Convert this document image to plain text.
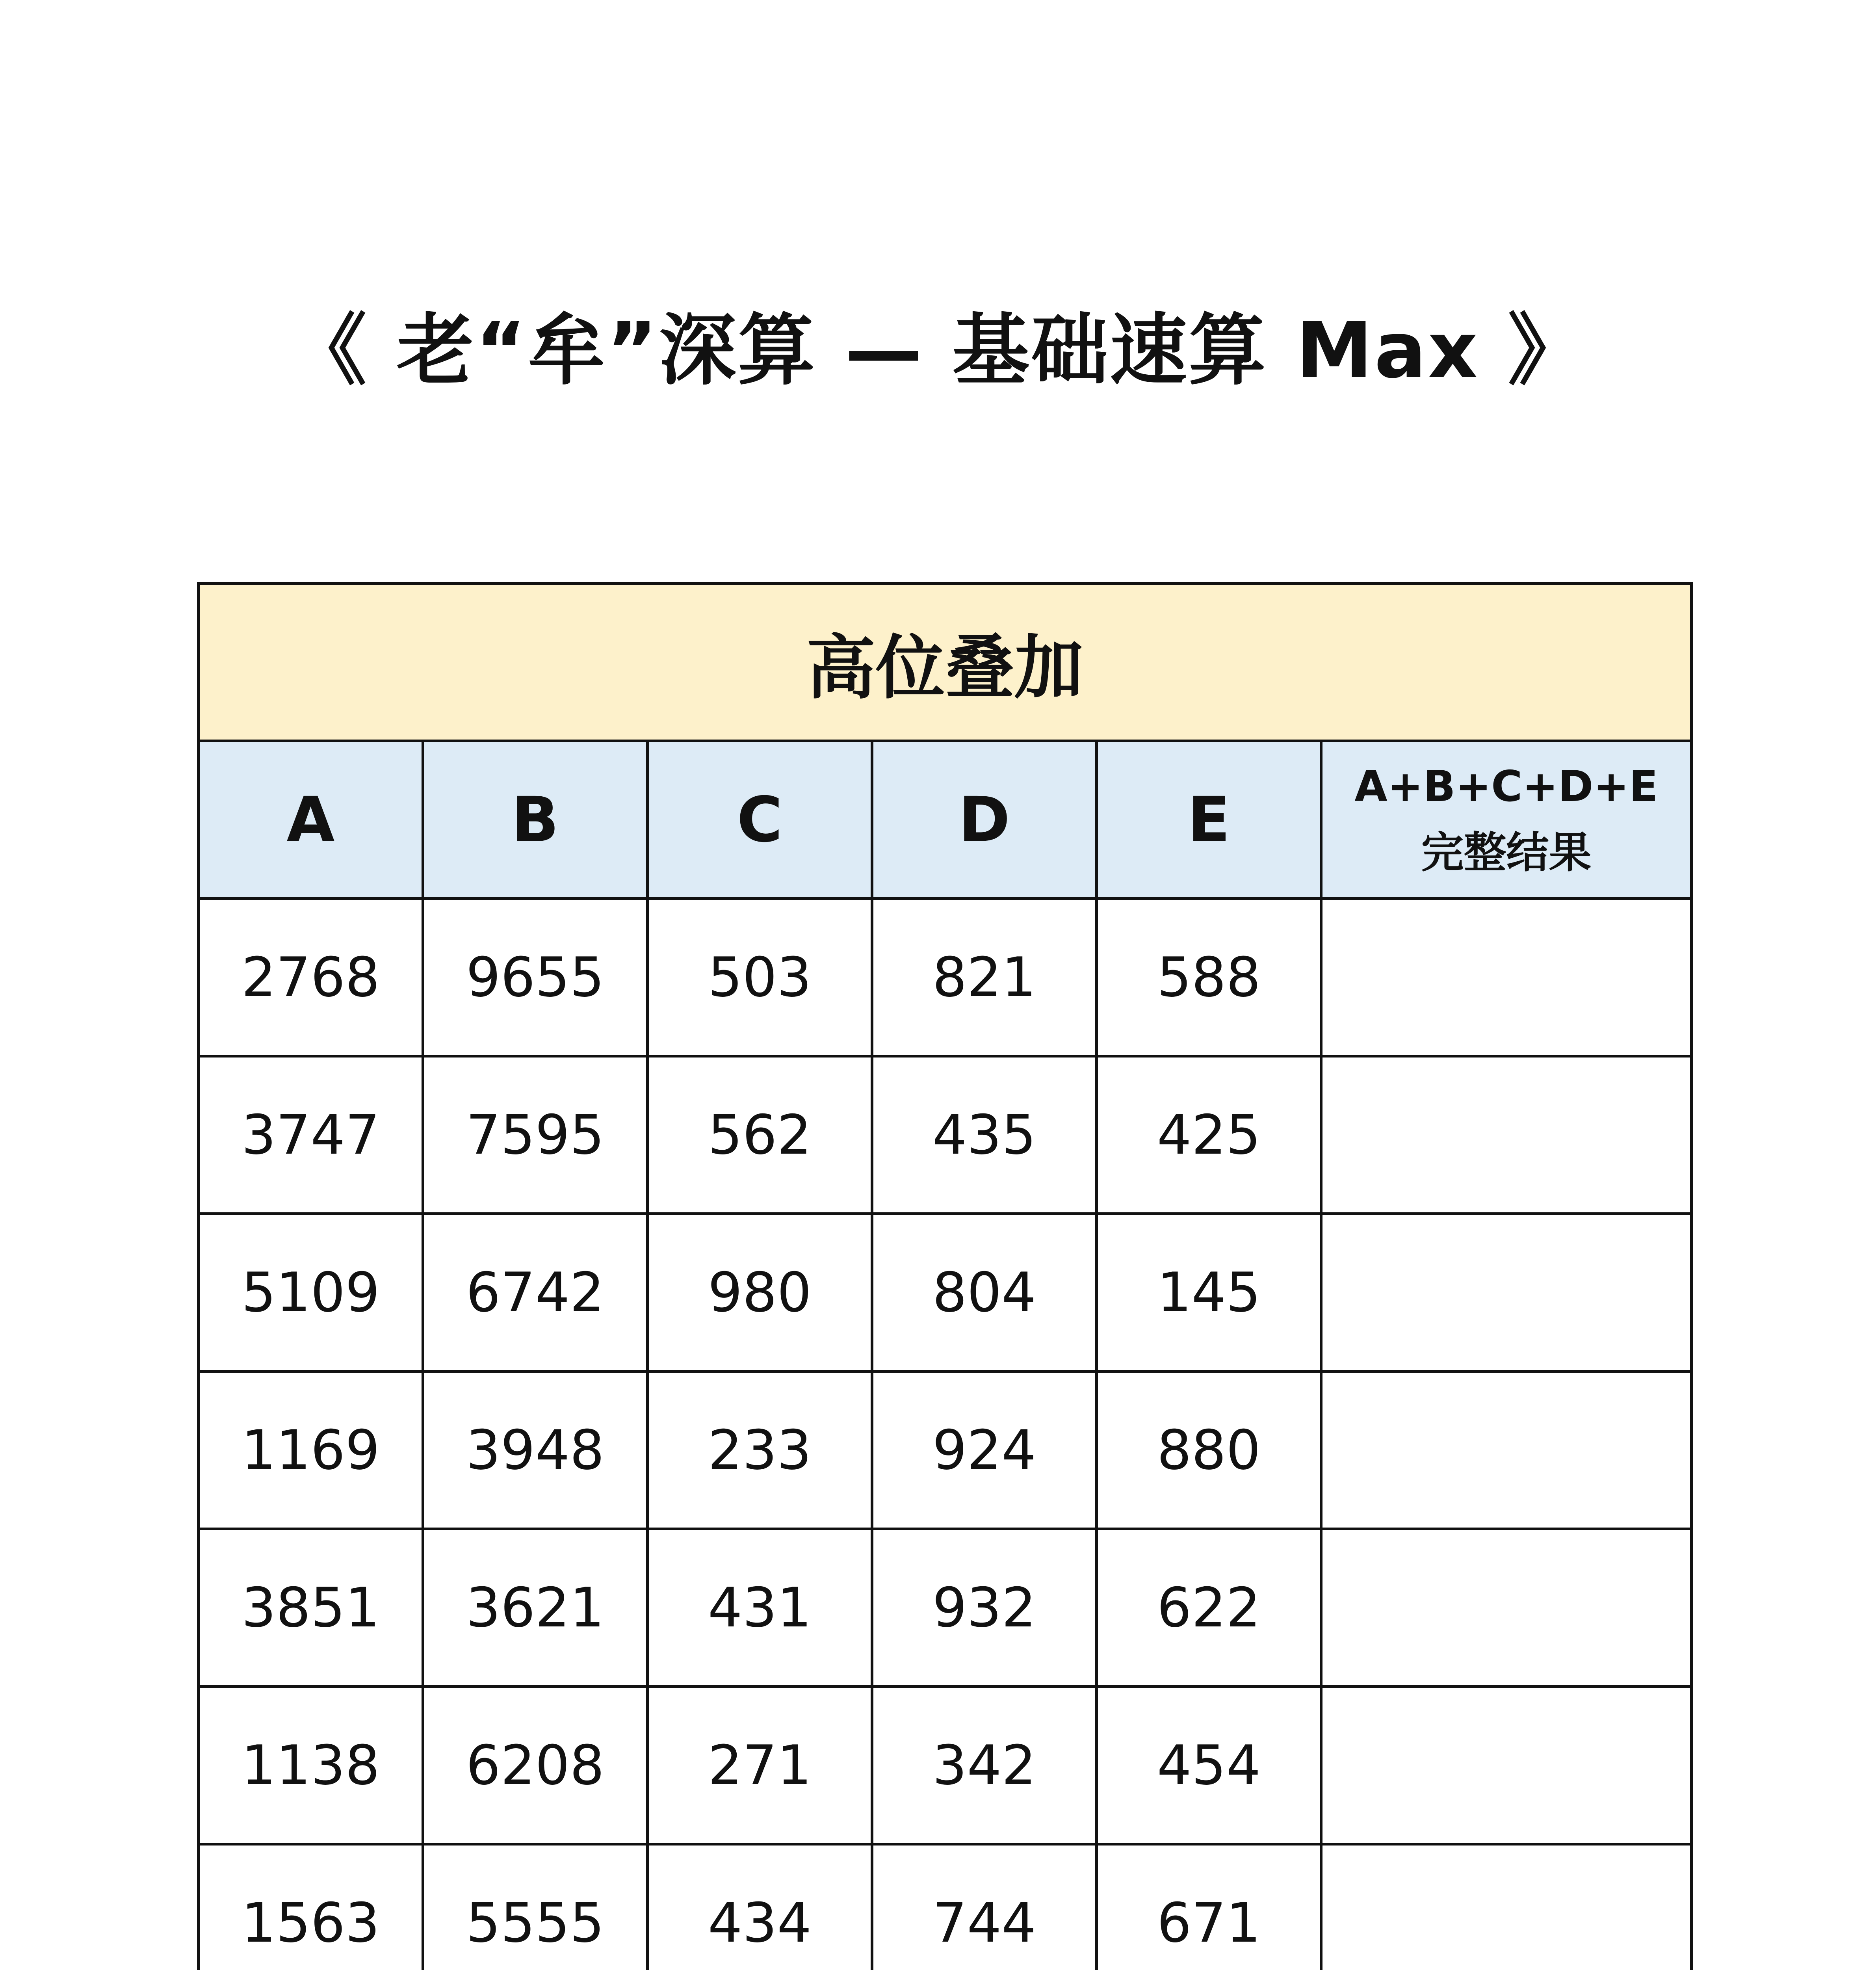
《 老“牟”深算 — 基础速算 Max 》
高位叠加					
A	B	C	D	E	A+B+C+D+E
完整结果

2768	9655	503	821	588	
3747	7595	562	435	425	
5109	6742	980	804	145	
1169	3948	233	924	880	
3851	3621	431	932	622	
1138	6208	271	342	454	
1563	5555	434	744	671	
